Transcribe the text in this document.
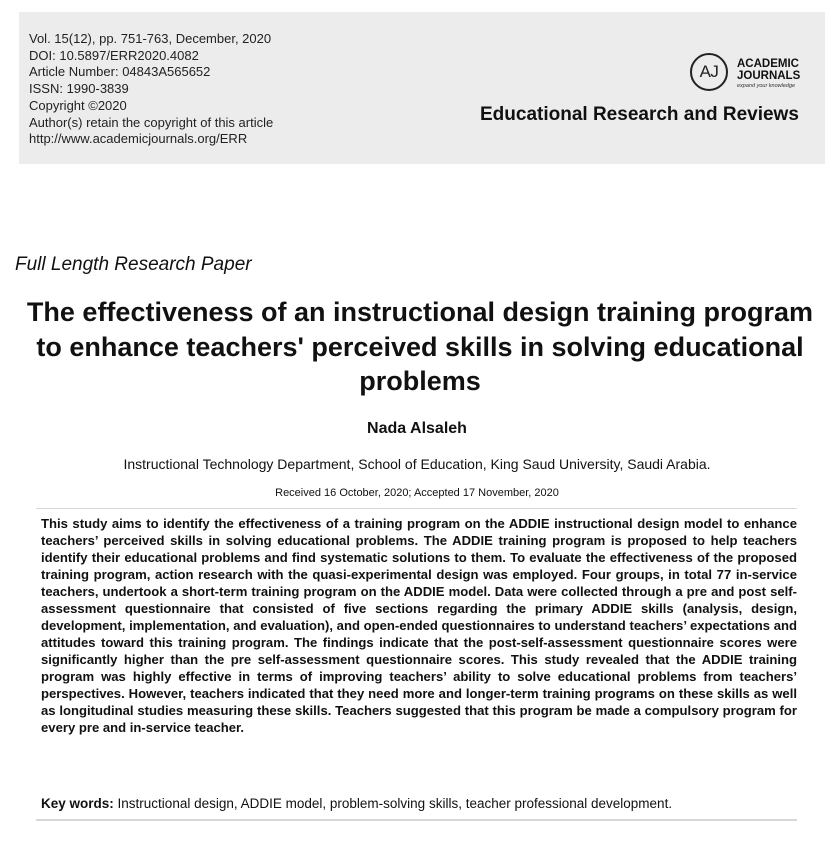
Vol. 15(12), pp. 751-763, December, 2020
DOI: 10.5897/ERR2020.4082
Article Number: 04843A565652
ISSN: 1990-3839
Copyright ©2020
Author(s) retain the copyright of this article
http://www.academicjournals.org/ERR
AJ	ACADEMIC
JOURNALS
expand your knowledge
Educational Research and Reviews
Full Length Research Paper
The effectiveness of an instructional design training program to enhance teachers' perceived skills in solving educational problems
Nada Alsaleh
Instructional Technology Department, School of Education, King Saud University, Saudi Arabia.
Received 16 October, 2020; Accepted 17 November, 2020
This study aims to identify the effectiveness of a training program on the ADDIE instructional design model to enhance teachers’ perceived skills in solving educational problems. The ADDIE training program is proposed to help teachers identify their educational problems and find systematic solutions to them. To evaluate the effectiveness of the proposed training program, action research with the quasi-experimental design was employed. Four groups, in total 77 in-service teachers, undertook a short-term training program on the ADDIE model. Data were collected through a pre and post self-assessment questionnaire that consisted of five sections regarding the primary ADDIE skills (analysis, design, development, implementation, and evaluation), and open-ended questionnaires to understand teachers’ expectations and attitudes toward this training program. The findings indicate that the post-self-assessment questionnaire scores were significantly higher than the pre self-assessment questionnaire scores. This study revealed that the ADDIE training program was highly effective in terms of improving teachers’ ability to solve educational problems from teachers’ perspectives. However, teachers indicated that they need more and longer-term training programs on these skills as well as longitudinal studies measuring these skills. Teachers suggested that this program be made a compulsory program for every pre and in-service teacher.
Key words: Instructional design, ADDIE model, problem-solving skills, teacher professional development.
